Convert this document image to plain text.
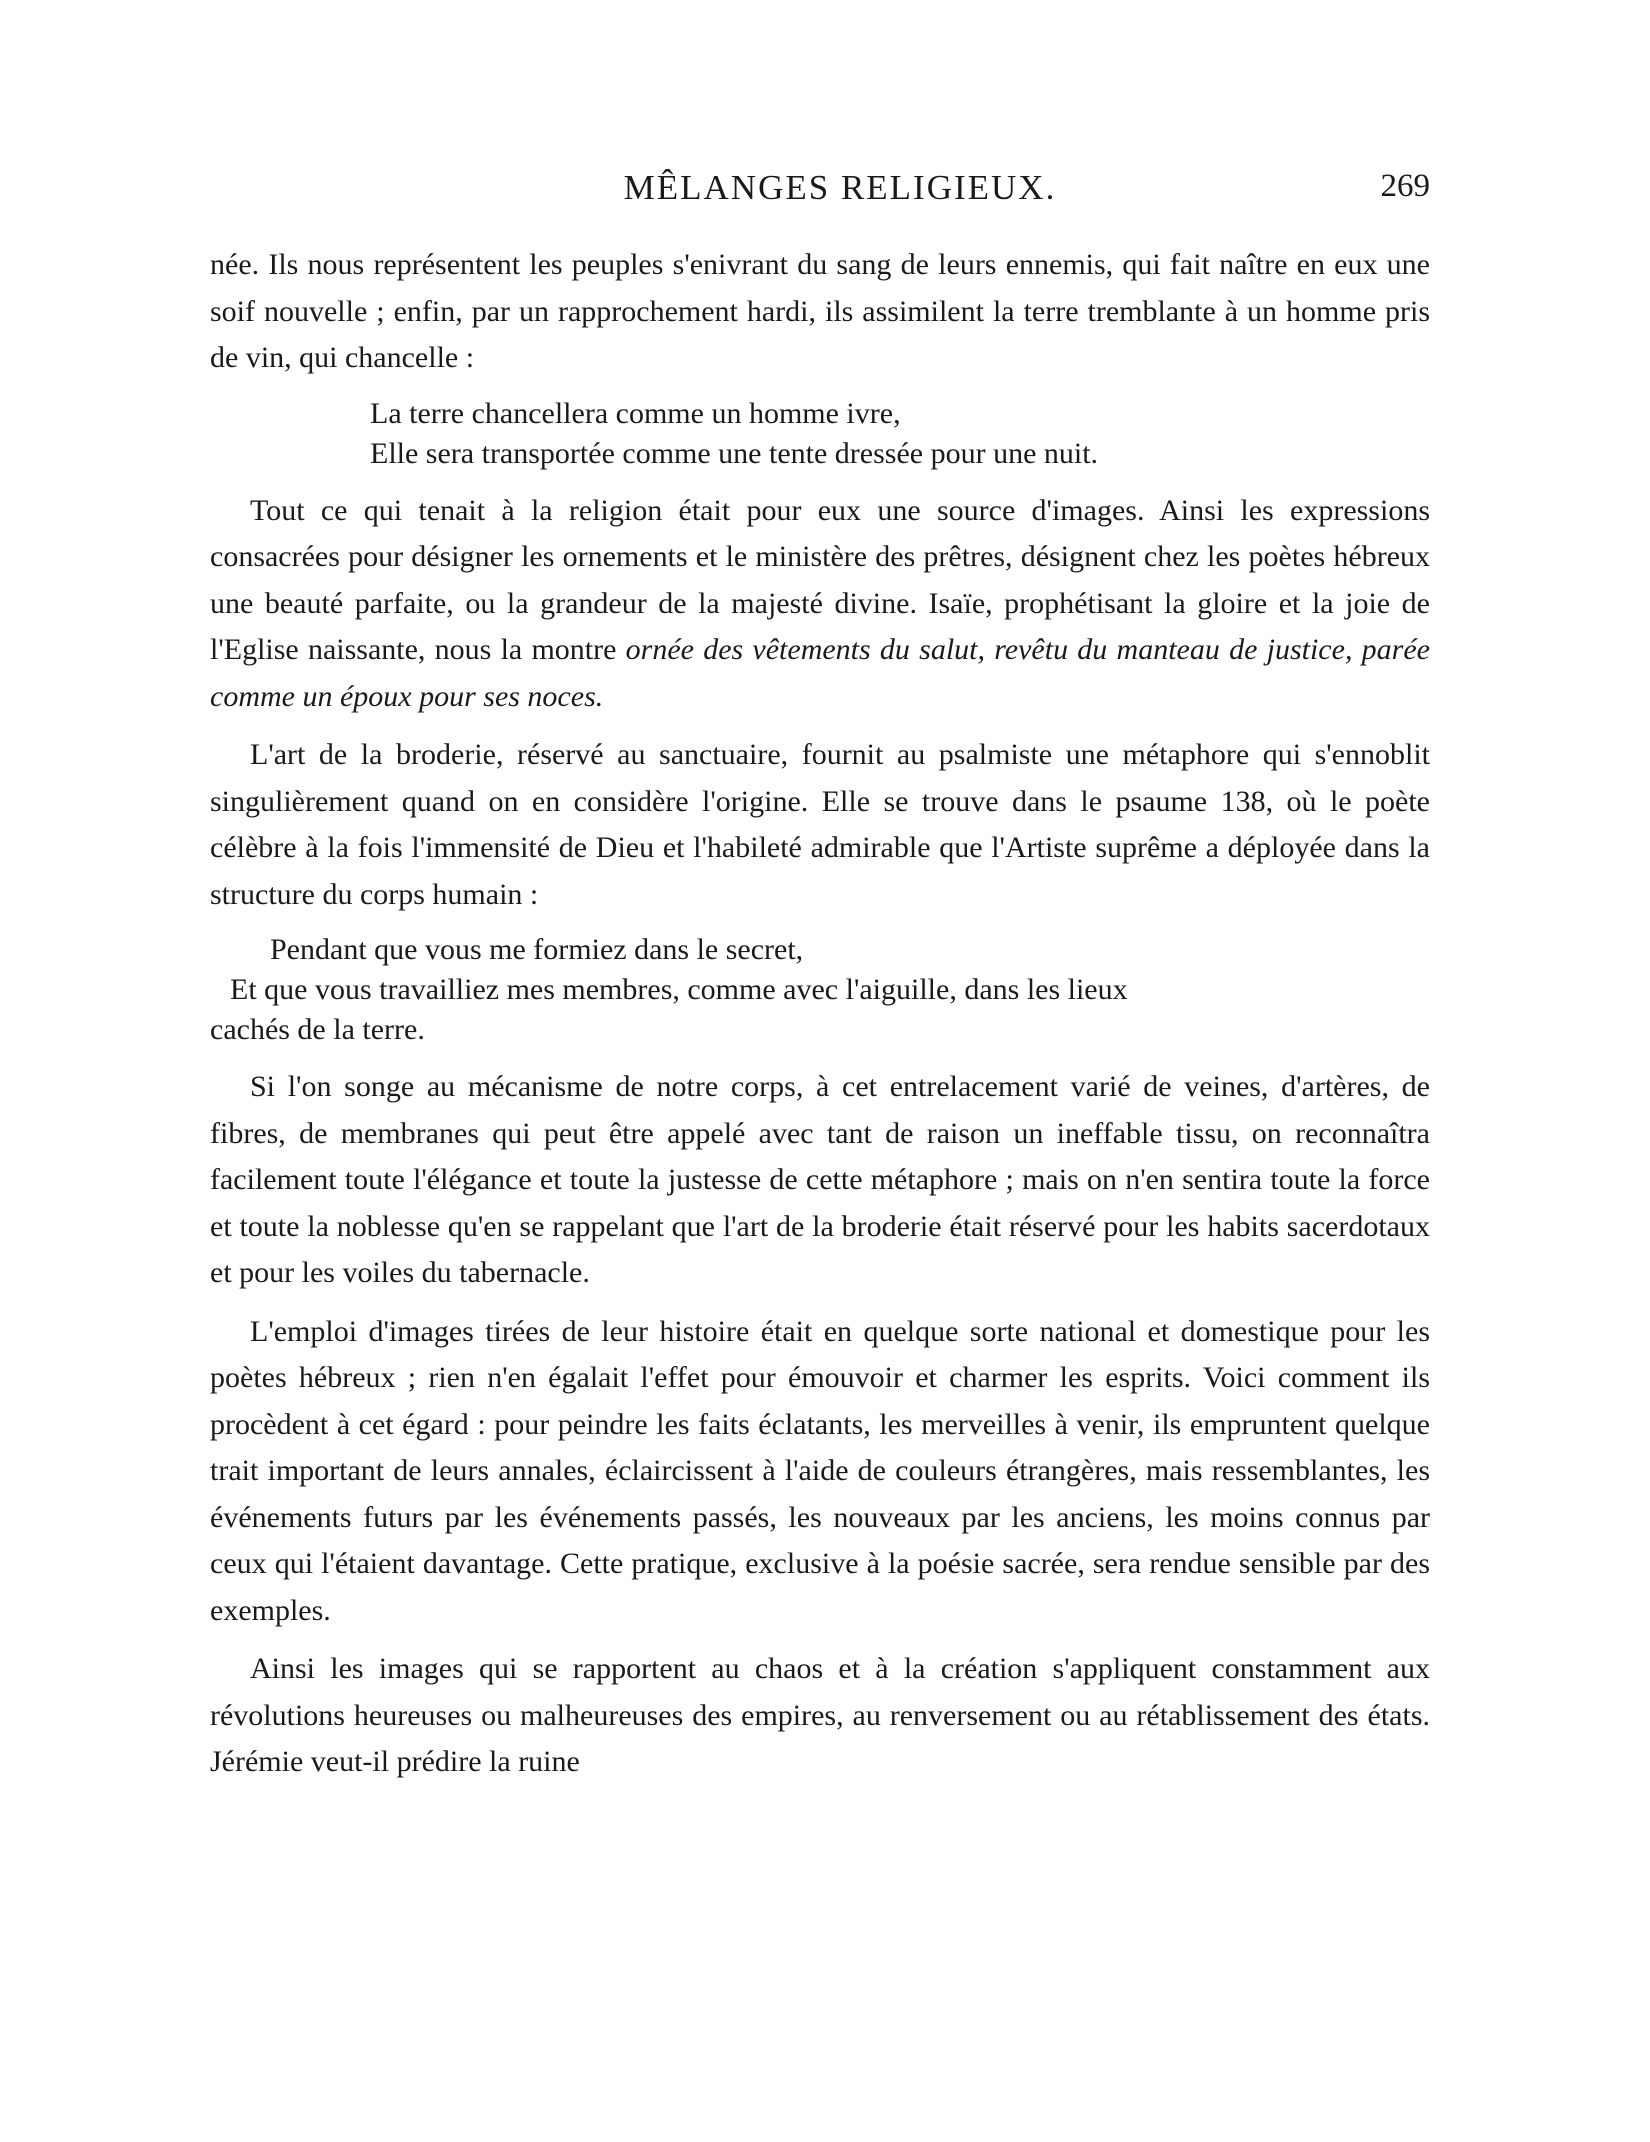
MÊLANGES RELIGIEUX.	269

née. Ils nous représentent les peuples s'enivrant du sang de leurs ennemis, qui fait naître en eux une soif nouvelle ; enfin, par un rapprochement hardi, ils assimilent la terre tremblante à un homme pris de vin, qui chancelle :

La terre chancellera comme un homme ivre,
Elle sera transportée comme une tente dressée pour une nuit.

Tout ce qui tenait à la religion était pour eux une source d'images. Ainsi les expressions consacrées pour désigner les ornements et le ministère des prêtres, désignent chez les poètes hébreux une beauté parfaite, ou la grandeur de la majesté divine. Isaïe, prophétisant la gloire et la joie de l'Eglise naissante, nous la montre ornée des vêtements du salut, revêtu du manteau de justice, parée comme un époux pour ses noces.

L'art de la broderie, réservé au sanctuaire, fournit au psalmiste une métaphore qui s'ennoblit singulièrement quand on en considère l'origine. Elle se trouve dans le psaume 138, où le poète célèbre à la fois l'immensité de Dieu et l'habileté admirable que l'Artiste suprême a déployée dans la structure du corps humain :

Pendant que vous me formiez dans le secret,
Et que vous travailliez mes membres, comme avec l'aiguille, dans les lieux
cachés de la terre.

Si l'on songe au mécanisme de notre corps, à cet entrelacement varié de veines, d'artères, de fibres, de membranes qui peut être appelé avec tant de raison un ineffable tissu, on reconnaîtra facilement toute l'élégance et toute la justesse de cette métaphore ; mais on n'en sentira toute la force et toute la noblesse qu'en se rappelant que l'art de la broderie était réservé pour les habits sacerdotaux et pour les voiles du tabernacle.

L'emploi d'images tirées de leur histoire était en quelque sorte national et domestique pour les poètes hébreux ; rien n'en égalait l'effet pour émouvoir et charmer les esprits. Voici comment ils procèdent à cet égard : pour peindre les faits éclatants, les merveilles à venir, ils empruntent quelque trait important de leurs annales, éclaircissent à l'aide de couleurs étrangères, mais ressemblantes, les événements futurs par les événements passés, les nouveaux par les anciens, les moins connus par ceux qui l'étaient davantage. Cette pratique, exclusive à la poésie sacrée, sera rendue sensible par des exemples.

Ainsi les images qui se rapportent au chaos et à la création s'appliquent constamment aux révolutions heureuses ou malheureuses des empires, au renversement ou au rétablissement des états. Jérémie veut-il prédire la ruine
